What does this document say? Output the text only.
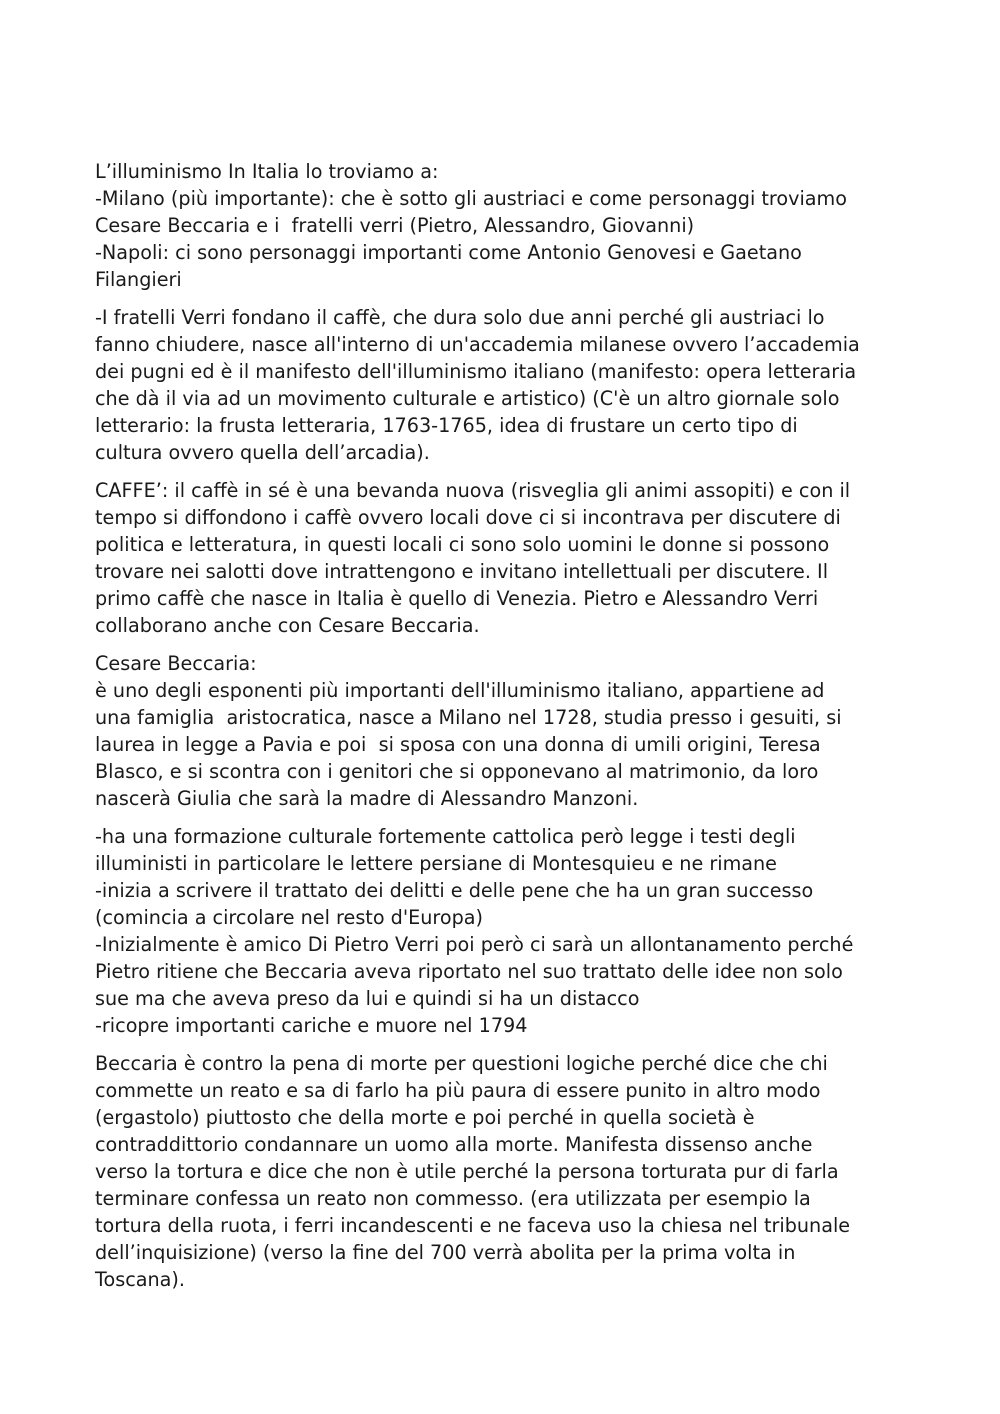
L’illuminismo In Italia lo troviamo a:
-Milano (più importante): che è sotto gli austriaci e come personaggi troviamo
Cesare Beccaria e i  fratelli verri (Pietro, Alessandro, Giovanni)
-Napoli: ci sono personaggi importanti come Antonio Genovesi e Gaetano
Filangieri
-I fratelli Verri fondano il caffè, che dura solo due anni perché gli austriaci lo
fanno chiudere, nasce all'interno di un'accademia milanese ovvero l’accademia
dei pugni ed è il manifesto dell'illuminismo italiano (manifesto: opera letteraria
che dà il via ad un movimento culturale e artistico) (C'è un altro giornale solo
letterario: la frusta letteraria, 1763-1765, idea di frustare un certo tipo di
cultura ovvero quella dell’arcadia).
CAFFE’: il caffè in sé è una bevanda nuova (risveglia gli animi assopiti) e con il
tempo si diffondono i caffè ovvero locali dove ci si incontrava per discutere di
politica e letteratura, in questi locali ci sono solo uomini le donne si possono
trovare nei salotti dove intrattengono e invitano intellettuali per discutere. Il
primo caffè che nasce in Italia è quello di Venezia. Pietro e Alessandro Verri
collaborano anche con Cesare Beccaria.
Cesare Beccaria:
è uno degli esponenti più importanti dell'illuminismo italiano, appartiene ad
una famiglia  aristocratica, nasce a Milano nel 1728, studia presso i gesuiti, si
laurea in legge a Pavia e poi  si sposa con una donna di umili origini, Teresa
Blasco, e si scontra con i genitori che si opponevano al matrimonio, da loro
nascerà Giulia che sarà la madre di Alessandro Manzoni.
-ha una formazione culturale fortemente cattolica però legge i testi degli
illuministi in particolare le lettere persiane di Montesquieu e ne rimane
-inizia a scrivere il trattato dei delitti e delle pene che ha un gran successo
(comincia a circolare nel resto d'Europa)
-Inizialmente è amico Di Pietro Verri poi però ci sarà un allontanamento perché
Pietro ritiene che Beccaria aveva riportato nel suo trattato delle idee non solo
sue ma che aveva preso da lui e quindi si ha un distacco
-ricopre importanti cariche e muore nel 1794
Beccaria è contro la pena di morte per questioni logiche perché dice che chi
commette un reato e sa di farlo ha più paura di essere punito in altro modo
(ergastolo) piuttosto che della morte e poi perché in quella società è
contraddittorio condannare un uomo alla morte. Manifesta dissenso anche
verso la tortura e dice che non è utile perché la persona torturata pur di farla
terminare confessa un reato non commesso. (era utilizzata per esempio la
tortura della ruota, i ferri incandescenti e ne faceva uso la chiesa nel tribunale
dell’inquisizione) (verso la fine del 700 verrà abolita per la prima volta in
Toscana).
